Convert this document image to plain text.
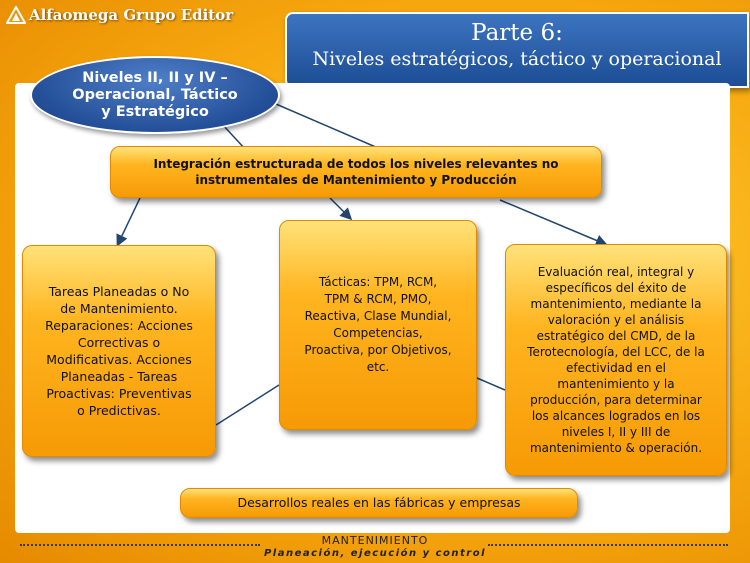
Alfaomega Grupo Editor
Parte 6:
Niveles estratégicos, táctico y operacional
Niveles II, II y IV –
Operacional, Táctico
y Estratégico
Integración estructurada de todos los niveles relevantes no
instrumentales de Mantenimiento y Producción
Tareas Planeadas o No
de Mantenimiento.
Reparaciones: Acciones
Correctivas o
Modificativas. Acciones
Planeadas - Tareas
Proactivas: Preventivas
o Predictivas.
Tácticas: TPM, RCM,
TPM & RCM, PMO,
Reactiva, Clase Mundial,
Competencias,
Proactiva, por Objetivos,
etc.
Evaluación real, integral y
específicos del éxito de
mantenimiento, mediante la
valoración y el análisis
estratégico del CMD, de la
Terotecnología, del LCC, de la
efectividad en el
mantenimiento y la
producción, para determinar
los alcances logrados en los
niveles I, II y III de
mantenimiento & operación.
Desarrollos reales en las fábricas y empresas
MANTENIMIENTO
Planeación, ejecución y control
